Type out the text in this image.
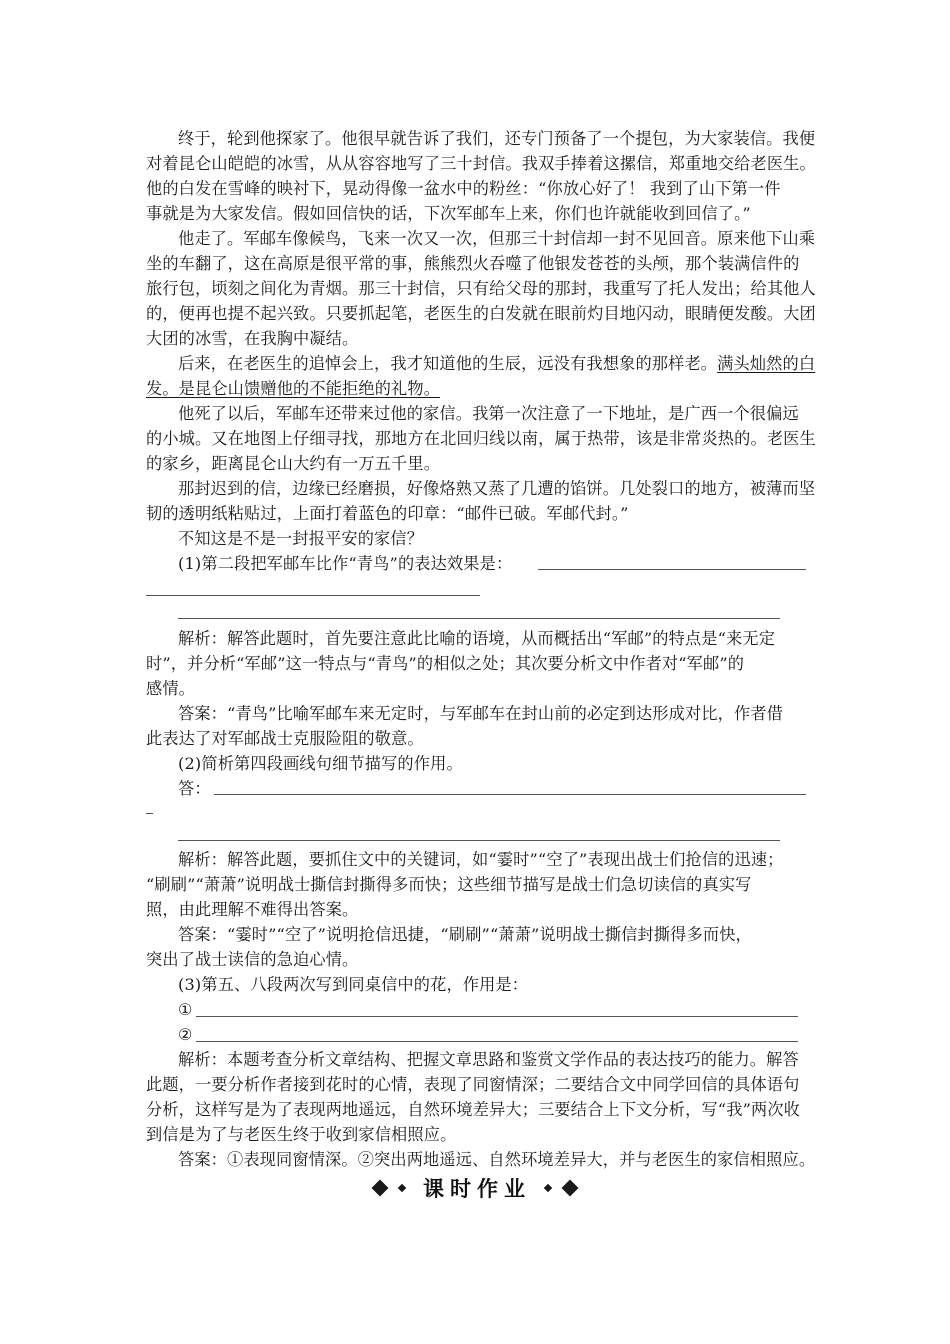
终于，轮到他探家了。他很早就告诉了我们，还专门预备了一个提包，为大家装信。我便
对着昆仑山皑皑的冰雪，从从容容地写了三十封信。我双手捧着这摞信，郑重地交给老医生。
他的白发在雪峰的映衬下，晃动得像一盆水中的粉丝：“你放心好了！ 我到了山下第一件
事就是为大家发信。假如回信快的话，下次军邮车上来，你们也许就能收到回信了。”
他走了。军邮车像候鸟，飞来一次又一次，但那三十封信却一封不见回音。原来他下山乘
坐的车翻了，这在高原是很平常的事，熊熊烈火吞噬了他银发苍苍的头颅，那个装满信件的
旅行包，顷刻之间化为青烟。那三十封信，只有给父母的那封，我重写了托人发出；给其他人
的，便再也提不起兴致。只要抓起笔，老医生的白发就在眼前灼目地闪动，眼睛便发酸。大团
大团的冰雪，在我胸中凝结。
后来，在老医生的追悼会上，我才知道他的生辰，远没有我想象的那样老。满头灿然的白
发。是昆仑山馈赠他的不能拒绝的礼物。
他死了以后，军邮车还带来过他的家信。我第一次注意了一下地址，是广西一个很偏远
的小城。又在地图上仔细寻找，那地方在北回归线以南，属于热带，该是非常炎热的。老医生
的家乡，距离昆仑山大约有一万五千里。
那封迟到的信，边缘已经磨损，好像烙熟又蒸了几遭的馅饼。几处裂口的地方，被薄而坚
韧的透明纸粘贴过，上面打着蓝色的印章：“邮件已破。军邮代封。”
不知这是不是一封报平安的家信？
(1)第二段把军邮车比作“青鸟”的表达效果是：
解析：解答此题时，首先要注意此比喻的语境，从而概括出“军邮”的特点是“来无定
时”，并分析“军邮”这一特点与“青鸟”的相似之处；其次要分析文中作者对“军邮”的
感情。
答案：“青鸟”比喻军邮车来无定时，与军邮车在封山前的必定到达形成对比，作者借
此表达了对军邮战士克服险阻的敬意。
(2)简析第四段画线句细节描写的作用。
答：
解析：解答此题，要抓住文中的关键词，如“霎时”“空了”表现出战士们抢信的迅速；
“刷刷”“萧萧”说明战士撕信封撕得多而快；这些细节描写是战士们急切读信的真实写
照，由此理解不难得出答案。
答案：“霎时”“空了”说明抢信迅捷，“刷刷”“萧萧”说明战士撕信封撕得多而快，
突出了战士读信的急迫心情。
(3)第五、八段两次写到同桌信中的花，作用是：
①
②
解析：本题考查分析文章结构、把握文章思路和鉴赏文学作品的表达技巧的能力。解答
此题，一要分析作者接到花时的心情，表现了同窗情深；二要结合文中同学回信的具体语句
分析，这样写是为了表现两地遥远，自然环境差异大；三要结合上下文分析，写“我”两次收
到信是为了与老医生终于收到家信相照应。
答案：①表现同窗情深。②突出两地遥远、自然环境差异大，并与老医生的家信相照应。
课时作业
